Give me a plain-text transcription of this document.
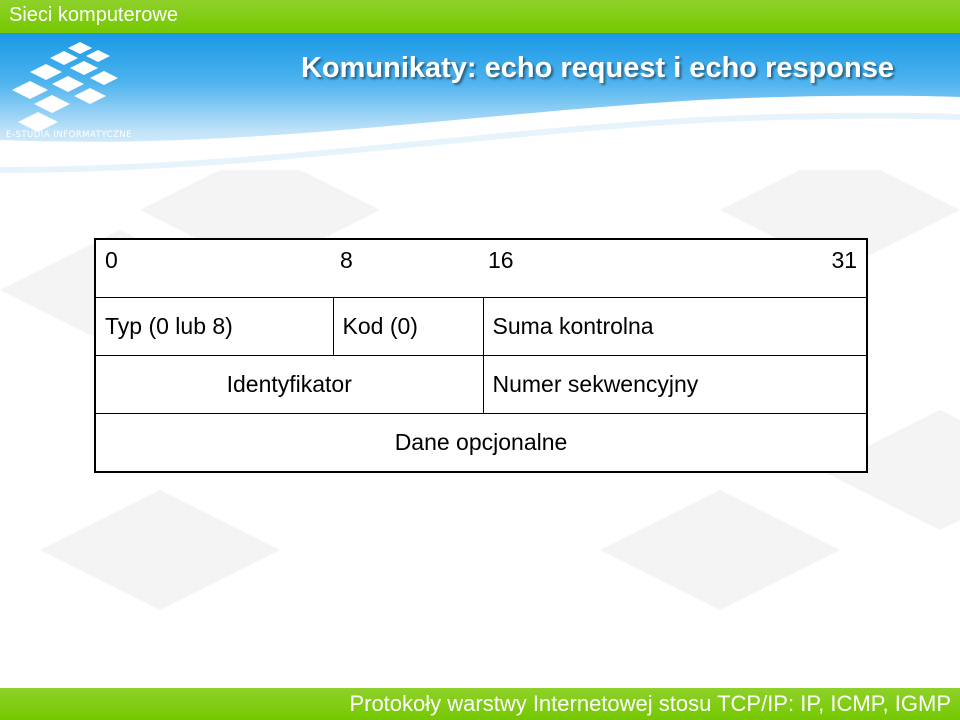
Sieci komputerowe
E-STUDIA INFORMATYCZNE
Komunikaty: echo request i echo response
0 8 16 31		

Typ (0 lub 8)	Kod (0)	Suma kontrolna
Identyfikator		Numer sekwencyjny
Dane opcjonalne		
Protokoły warstwy Internetowej stosu TCP/IP: IP, ICMP, IGMP
